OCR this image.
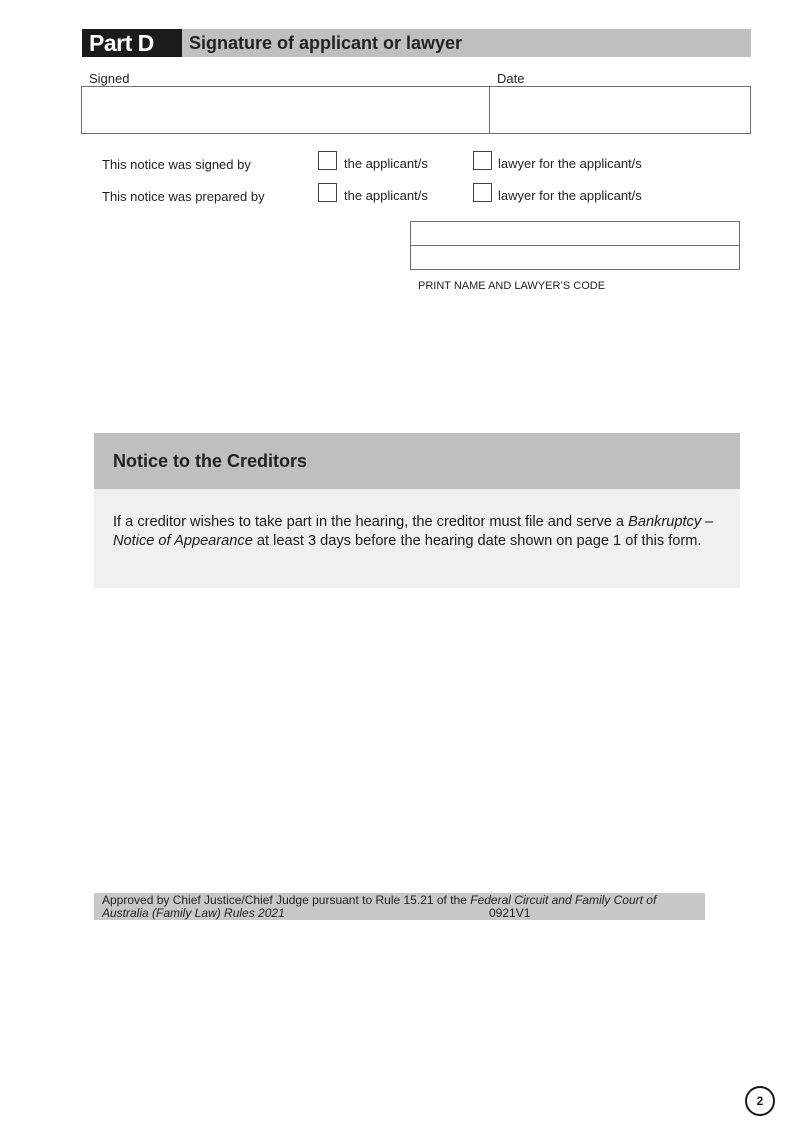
Part D	Signature of applicant or lawyer
Signed	Date
This notice was signed by	the applicant/s	lawyer for the applicant/s
This notice was prepared by	the applicant/s	lawyer for the applicant/s
PRINT NAME AND LAWYER’S CODE
Notice to the Creditors
If a creditor wishes to take part in the hearing, the creditor must file and serve a Bankruptcy – Notice of Appearance at least 3 days before the hearing date shown on page 1 of this form.
Approved by Chief Justice/Chief Judge pursuant to Rule 15.21 of the Federal Circuit and Family Court of
Australia (Family Law) Rules 2021	0921V1
2
